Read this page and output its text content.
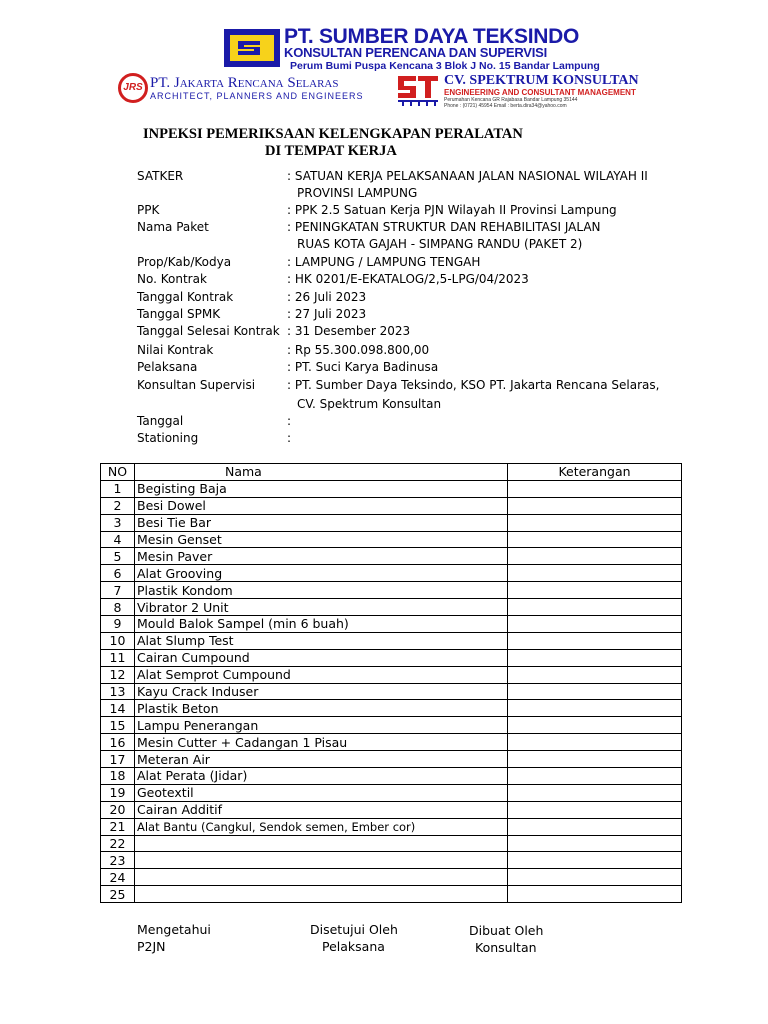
PT. SUMBER DAYA TEKSINDO
KONSULTAN PERENCANA DAN SUPERVISI
Perum Bumi Puspa Kencana 3 Blok J No. 15 Bandar Lampung
JRS PT. Jakarta Rencana Selaras
ARCHITECT, PLANNERS AND ENGINEERS
CV. SPEKTRUM KONSULTAN
ENGINEERING AND CONSULTANT MANAGEMENT
Perumahan Kencana GR Rajabasa Bandar Lampung 35144
Phone : (0721) 45954 Email : berta.dira34@yahoo.com
INPEKSI PEMERIKSAAN KELENGKAPAN PERALATAN
DI TEMPAT KERJA
SATKER	: SATUAN KERJA PELAKSANAAN JALAN NASIONAL WILAYAH II
PROVINSI LAMPUNG
PPK	: PPK 2.5 Satuan Kerja PJN Wilayah II Provinsi Lampung
Nama Paket	: PENINGKATAN STRUKTUR DAN REHABILITASI JALAN
RUAS KOTA GAJAH - SIMPANG RANDU (PAKET 2)
Prop/Kab/Kodya	: LAMPUNG / LAMPUNG TENGAH
No. Kontrak	: HK 0201/E-EKATALOG/2,5-LPG/04/2023
Tanggal Kontrak	: 26 Juli 2023
Tanggal SPMK	: 27 Juli 2023
Tanggal Selesai Kontrak : 31 Desember 2023
Nilai Kontrak	: Rp 55.300.098.800,00
Pelaksana	: PT. Suci Karya Badinusa
Konsultan Supervisi	: PT. Sumber Daya Teksindo, KSO PT. Jakarta Rencana Selaras,
CV. Spektrum Konsultan
Tanggal	:
Stationing	:
NO	Nama	Keterangan
1	Begisting Baja	
2	Besi Dowel	
3	Besi Tie Bar	
4	Mesin Genset	
5	Mesin Paver	
6	Alat Grooving	
7	Plastik Kondom	
8	Vibrator 2 Unit	
9	Mould Balok Sampel (min 6 buah)	
10	Alat Slump Test	
11	Cairan Cumpound	
12	Alat Semprot Cumpound	
13	Kayu Crack Induser	
14	Plastik Beton	
15	Lampu Penerangan	
16	Mesin Cutter + Cadangan 1 Pisau	
17	Meteran Air	
18	Alat Perata (Jidar)	
19	Geotextil	
20	Cairan Additif	
21	Alat Bantu (Cangkul, Sendok semen, Ember cor)	
22		
23		
24		
25		
Mengetahui
P2JN
Disetujui Oleh
Pelaksana
Dibuat Oleh
Konsultan
